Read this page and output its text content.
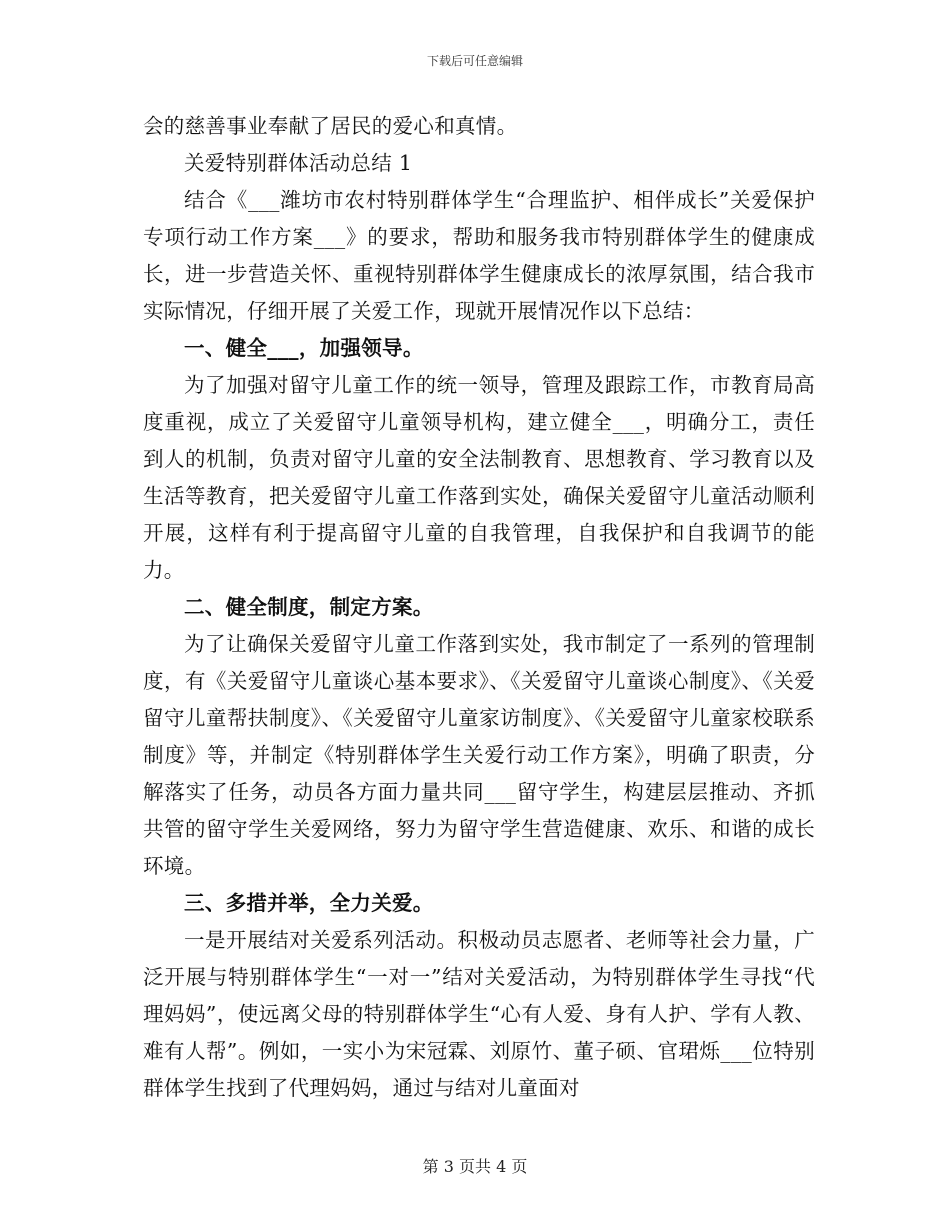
下载后可任意编辑

会的慈善事业奉献了居民的爱心和真情。

关爱特别群体活动总结 1

结合《___潍坊市农村特别群体学生“合理监护、相伴成长”关爱保护专项行动工作方案___》的要求，帮助和服务我市特别群体学生的健康成长，进一步营造关怀、重视特别群体学生健康成长的浓厚氛围，结合我市实际情况，仔细开展了关爱工作，现就开展情况作以下总结：

一、健全___，加强领导。

为了加强对留守儿童工作的统一领导，管理及跟踪工作，市教育局高度重视，成立了关爱留守儿童领导机构，建立健全___，明确分工，责任到人的机制，负责对留守儿童的安全法制教育、思想教育、学习教育以及生活等教育，把关爱留守儿童工作落到实处，确保关爱留守儿童活动顺利开展，这样有利于提高留守儿童的自我管理，自我保护和自我调节的能力。

二、健全制度，制定方案。

为了让确保关爱留守儿童工作落到实处，我市制定了一系列的管理制度，有《关爱留守儿童谈心基本要求》、《关爱留守儿童谈心制度》、《关爱留守儿童帮扶制度》、《关爱留守儿童家访制度》、《关爱留守儿童家校联系制度》等，并制定《特别群体学生关爱行动工作方案》，明确了职责，分解落实了任务，动员各方面力量共同___留守学生，构建层层推动、齐抓共管的留守学生关爱网络，努力为留守学生营造健康、欢乐、和谐的成长环境。

三、多措并举，全力关爱。

一是开展结对关爱系列活动。积极动员志愿者、老师等社会力量，广泛开展与特别群体学生“一对一”结对关爱活动，为特别群体学生寻找“代理妈妈”，使远离父母的特别群体学生“心有人爱、身有人护、学有人教、难有人帮”。例如，一实小为宋冠霖、刘原竹、董子硕、官珺烁___位特别群体学生找到了代理妈妈，通过与结对儿童面对

第 3 页共 4 页
